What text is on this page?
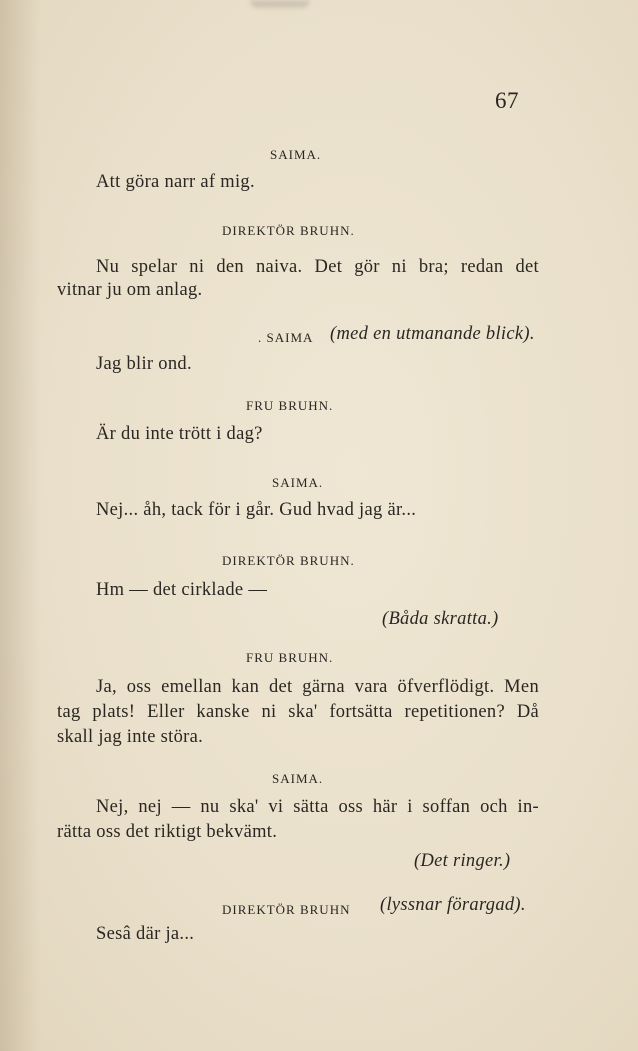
67
SAIMA.
Att göra narr af mig.
DIREKTÖR BRUHN.
Nu spelar ni den naiva. Det gör ni bra; redan det
vitnar ju om anlag.
. SAIMA (med en utmanande blick).
Jag blir ond.
FRU BRUHN.
Är du inte trött i dag?
SAIMA.
Nej... åh, tack för i går. Gud hvad jag är...
DIREKTÖR BRUHN.
Hm — det cirklade —
(Båda skratta.)
FRU BRUHN.
Ja, oss emellan kan det gärna vara öfverflödigt. Men
tag plats! Eller kanske ni ska' fortsätta repetitionen? Då
skall jag inte störa.
SAIMA.
Nej, nej — nu ska' vi sätta oss här i soffan och in-
rätta oss det riktigt bekvämt.
(Det ringer.)
DIREKTÖR BRUHN (lyssnar förargad).
Sesâ där ja...
